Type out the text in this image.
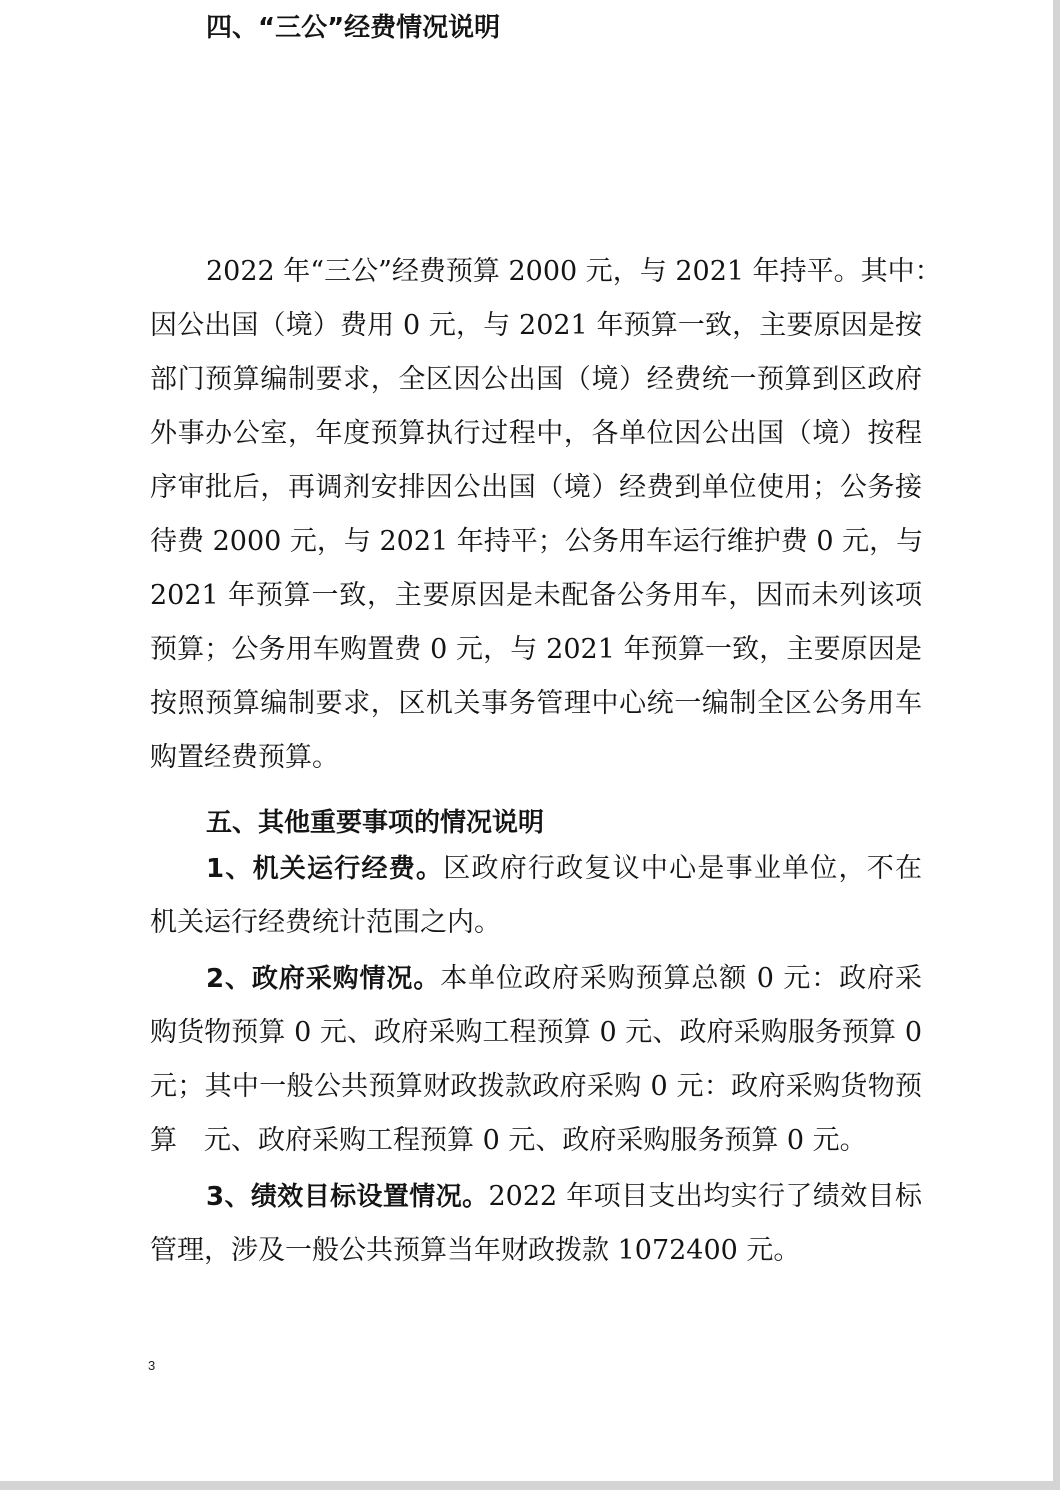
四、“三公”经费情况说明
2022 年“三公”经费预算 2000 元，与 2021 年持平。其中：
因公出国（境）费用 0 元，与 2021 年预算一致，主要原因是按
部门预算编制要求，全区因公出国（境）经费统一预算到区政府
外事办公室，年度预算执行过程中，各单位因公出国（境）按程
序审批后，再调剂安排因公出国（境）经费到单位使用；公务接
待费 2000 元，与 2021 年持平；公务用车运行维护费 0 元，与
2021 年预算一致，主要原因是未配备公务用车，因而未列该项
预算；公务用车购置费 0 元，与 2021 年预算一致，主要原因是
按照预算编制要求，区机关事务管理中心统一编制全区公务用车
购置经费预算。
五、其他重要事项的情况说明
1、机关运行经费。区政府行政复议中心是事业单位，不在
机关运行经费统计范围之内。
2、政府采购情况。本单位政府采购预算总额 0 元：政府采
购货物预算 0 元、政府采购工程预算 0 元、政府采购服务预算 0
元；其中一般公共预算财政拨款政府采购 0 元：政府采购货物预
算　元、政府采购工程预算 0 元、政府采购服务预算 0 元。
3、绩效目标设置情况。2022 年项目支出均实行了绩效目标
管理，涉及一般公共预算当年财政拨款 1072400 元。
3
